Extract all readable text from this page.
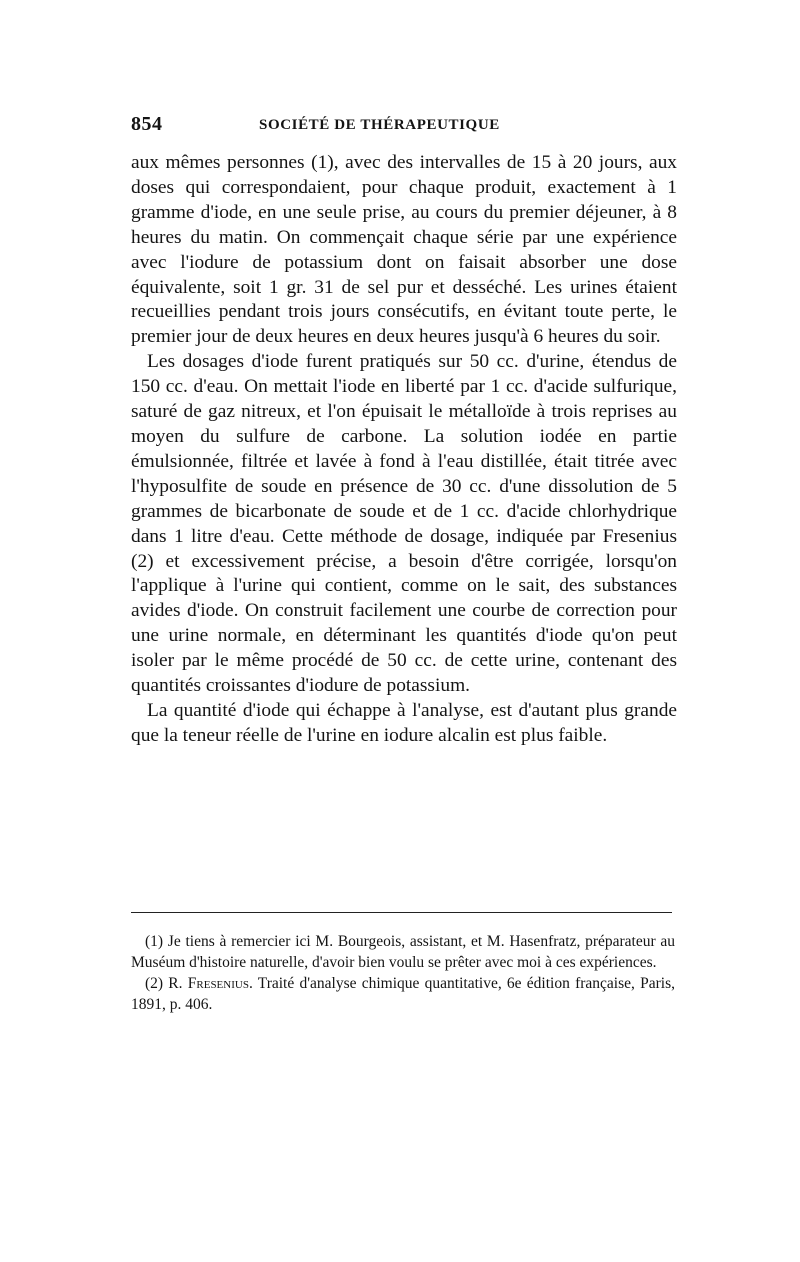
854	SOCIÉTÉ DE THÉRAPEUTIQUE

aux mêmes personnes (1), avec des intervalles de 15 à 20 jours, aux doses qui correspondaient, pour chaque produit, exactement à 1 gramme d'iode, en une seule prise, au cours du premier déjeuner, à 8 heures du matin. On commençait chaque série par une expérience avec l'iodure de potassium dont on faisait absorber une dose équivalente, soit 1 gr. 31 de sel pur et desséché. Les urines étaient recueillies pendant trois jours consécutifs, en évitant toute perte, le premier jour de deux heures en deux heures jusqu'à 6 heures du soir.

Les dosages d'iode furent pratiqués sur 50 cc. d'urine, étendus de 150 cc. d'eau. On mettait l'iode en liberté par 1 cc. d'acide sulfurique, saturé de gaz nitreux, et l'on épuisait le métalloïde à trois reprises au moyen du sulfure de carbone. La solution iodée en partie émulsionnée, filtrée et lavée à fond à l'eau distillée, était titrée avec l'hyposulfite de soude en présence de 30 cc. d'une dissolution de 5 grammes de bicarbonate de soude et de 1 cc. d'acide chlorhydrique dans 1 litre d'eau. Cette méthode de dosage, indiquée par Fresenius (2) et excessivement précise, a besoin d'être corrigée, lorsqu'on l'applique à l'urine qui contient, comme on le sait, des substances avides d'iode. On construit facilement une courbe de correction pour une urine normale, en déterminant les quantités d'iode qu'on peut isoler par le même procédé de 50 cc. de cette urine, contenant des quantités croissantes d'iodure de potassium.

La quantité d'iode qui échappe à l'analyse, est d'autant plus grande que la teneur réelle de l'urine en iodure alcalin est plus faible.

(1) Je tiens à remercier ici M. Bourgeois, assistant, et M. Hasenfratz, préparateur au Muséum d'histoire naturelle, d'avoir bien voulu se prêter avec moi à ces expériences.

(2) R. Fresenius. Traité d'analyse chimique quantitative, 6e édition française, Paris, 1891, p. 406.
